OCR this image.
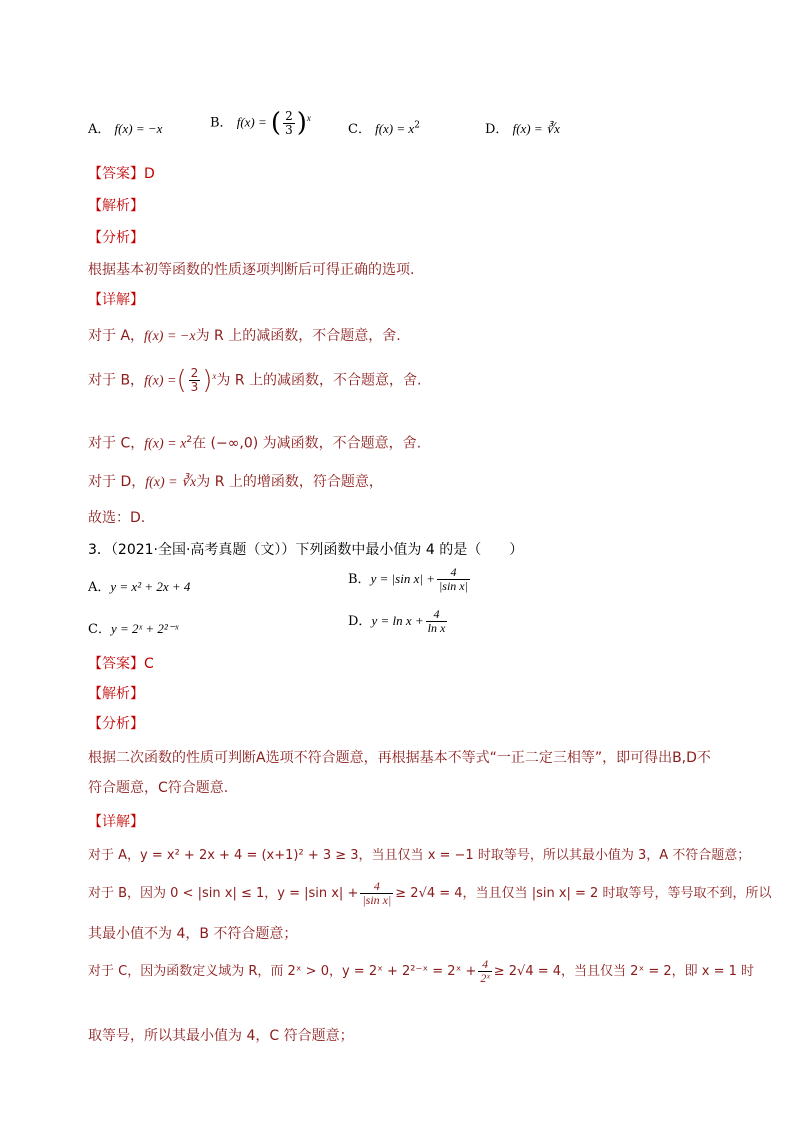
A． f(x) = −x	B． f(x) = ( $\frac{2}{3} )^x$
C． $f(x) = x^2$	D． f(x) = ∛x
【答案】D
【解析】
【分析】
根据基本初等函数的性质逐项判断后可得正确的选项.
【详解】
对于 A，f(x) = −x为 R 上的减函数，不合题意，舍.
对于 B，f(x) =( $\frac{2}{3} )^x$为 R 上的减函数，不合题意，舍.
对于 C，$f(x) = x^2$在 (−∞,0) 为减函数，不合题意，舍.
对于 D，f(x) = ∛x为 R 上的增函数，符合题意，
故选：D.
3．（2021·全国·高考真题（文））下列函数中最小值为 4 的是（　　）
A．y = x² + 2x + 4	B．y = |sin $x| + \frac{4}{\text{|sin x|}}$
C．y = 2ˣ + 2²⁻ˣ	D．$y = \ln x + \frac{4}{\text{ln x}}$
【答案】C
【解析】
【分析】
根据二次函数的性质可判断A选项不符合题意，再根据基本不等式“一正二定三相等”，即可得出B,D不
符合题意，C符合题意.
【详解】
对于 A，y = x² + 2x + 4 = (x+1)² + 3 ≥ 3，当且仅当 x = −1 时取等号，所以其最小值为 3，A 不符合题意；
对于 B，因为 0 < |sin x| ≤ 1，y = |sin $x| + \frac{4}{\text{|sin x|}} \ge 2√4 = 4$，当且仅当 |sin x| = 2 时取等号，等号取不到，所以
其最小值不为 4，B 不符合题意；
对于 C，因为函数定义域为 R，而 2ˣ > 0，y = 2ˣ + 2²⁻ˣ = 2ˣ + $\frac{4}{\text{2ˣ}} \ge 2√4 = 4$，当且仅当 2ˣ = 2，即 x = 1 时
取等号，所以其最小值为 4，C 符合题意；
